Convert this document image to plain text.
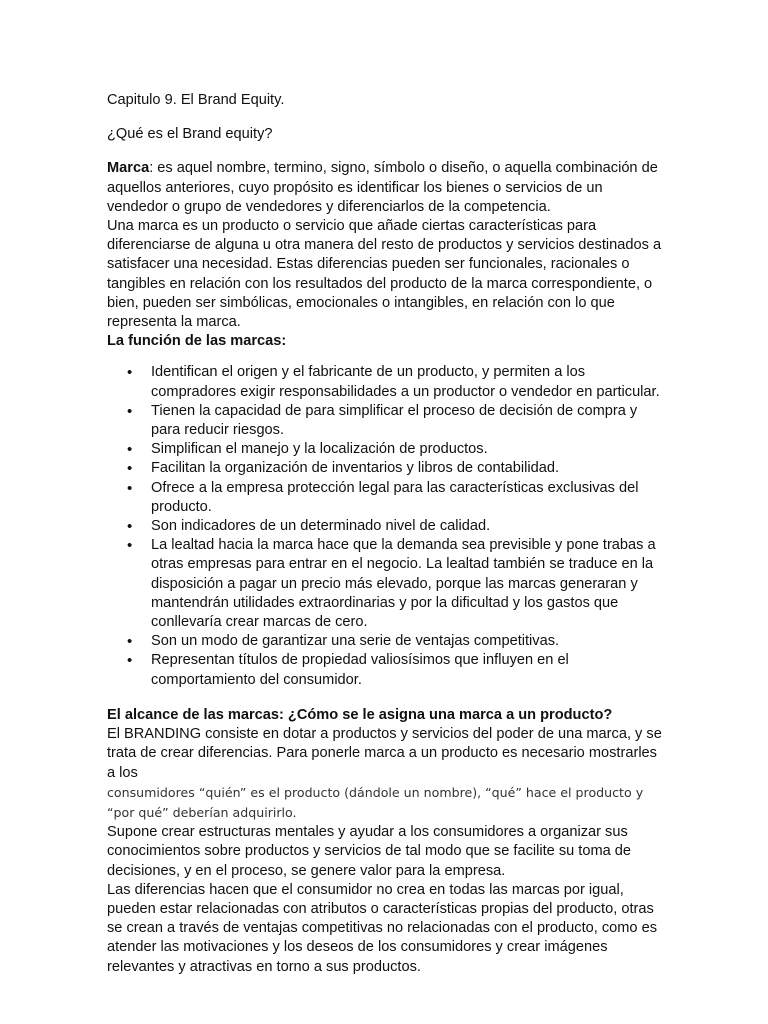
Capitulo 9. El Brand Equity.

¿Qué es el Brand equity?

Marca: es aquel nombre, termino, signo, símbolo o diseño, o aquella combinación de aquellos anteriores, cuyo propósito es identificar los bienes o servicios de un vendedor o grupo de vendedores y diferenciarlos de la competencia.

Una marca es un producto o servicio que añade ciertas características para diferenciarse de alguna u otra manera del resto de productos y servicios destinados a satisfacer una necesidad. Estas diferencias pueden ser funcionales, racionales o tangibles en relación con los resultados del producto de la marca correspondiente, o bien, pueden ser simbólicas, emocionales o intangibles, en relación con lo que representa la marca.

La función de las marcas:

• Identifican el origen y el fabricante de un producto, y permiten a los compradores exigir responsabilidades a un productor o vendedor en particular.
• Tienen la capacidad de para simplificar el proceso de decisión de compra y para reducir riesgos.
• Simplifican el manejo y la localización de productos.
• Facilitan la organización de inventarios y libros de contabilidad.
• Ofrece a la empresa protección legal para las características exclusivas del producto.
• Son indicadores de un determinado nivel de calidad.
• La lealtad hacia la marca hace que la demanda sea previsible y pone trabas a otras empresas para entrar en el negocio. La lealtad también se traduce en la disposición a pagar un precio más elevado, porque las marcas generaran y mantendrán utilidades extraordinarias y por la dificultad y los gastos que conllevaría crear marcas de cero.
• Son un modo de garantizar una serie de ventajas competitivas.
• Representan títulos de propiedad valiosísimos que influyen en el comportamiento del consumidor.

El alcance de las marcas: ¿Cómo se le asigna una marca a un producto?

El BRANDING consiste en dotar a productos y servicios del poder de una marca, y se trata de crear diferencias. Para ponerle marca a un producto es necesario mostrarles a los
consumidores “quién” es el producto (dándole un nombre), “qué” hace el producto y “por qué” deberían adquirirlo.

Supone crear estructuras mentales y ayudar a los consumidores a organizar sus conocimientos sobre productos y servicios de tal modo que se facilite su toma de decisiones, y en el proceso, se genere valor para la empresa.

Las diferencias hacen que el consumidor no crea en todas las marcas por igual, pueden estar relacionadas con atributos o características propias del producto, otras se crean a través de ventajas competitivas no relacionadas con el producto, como es atender las motivaciones y los deseos de los consumidores y crear imágenes relevantes y atractivas en torno a sus productos.
